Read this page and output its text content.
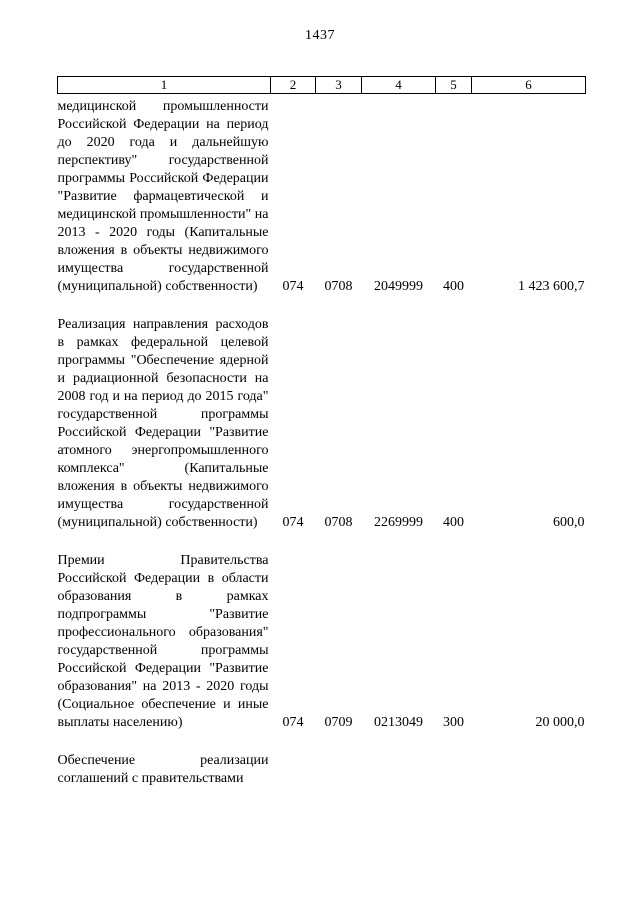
1437
1	2	3	4	5	6
медицинской промышленности Российской Федерации на период до 2020 года и дальнейшую перспективу" государственной программы Российской Федерации "Развитие фармацевтической и медицинской промышленности" на 2013 - 2020 годы (Капитальные вложения в объекты недвижимого имущества государственной (муниципальной) собственности)	074	0708	2049999	400	1 423 600,7
Реализация направления расходов в рамках федеральной целевой программы "Обеспечение ядерной и радиационной безопасности на 2008 год и на период до 2015 года" государственной программы Российской Федерации "Развитие атомного энергопромышленного комплекса" (Капитальные вложения в объекты недвижимого имущества государственной (муниципальной) собственности)	074	0708	2269999	400	600,0
Премии Правительства Российской Федерации в области образования в рамках подпрограммы "Развитие профессионального образования" государственной программы Российской Федерации "Развитие образования" на 2013 - 2020 годы (Социальное обеспечение и иные выплаты населению)	074	0709	0213049	300	20 000,0
Обеспечение реализации соглашений с правительствами					
